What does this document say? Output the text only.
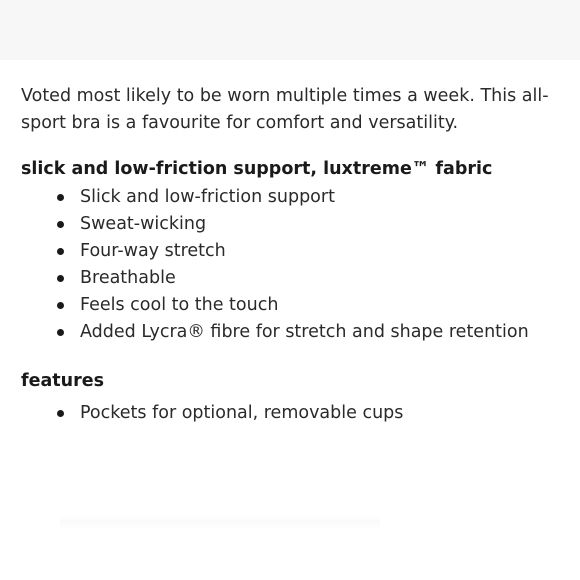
Voted most likely to be worn multiple times a week. This all-sport bra is a favourite for comfort and versatility.

slick and low-friction support, luxtreme™ fabric
Slick and low-friction support
Sweat-wicking
Four-way stretch
Breathable
Feels cool to the touch
Added Lycra® fibre for stretch and shape retention
features
Pockets for optional, removable cups
